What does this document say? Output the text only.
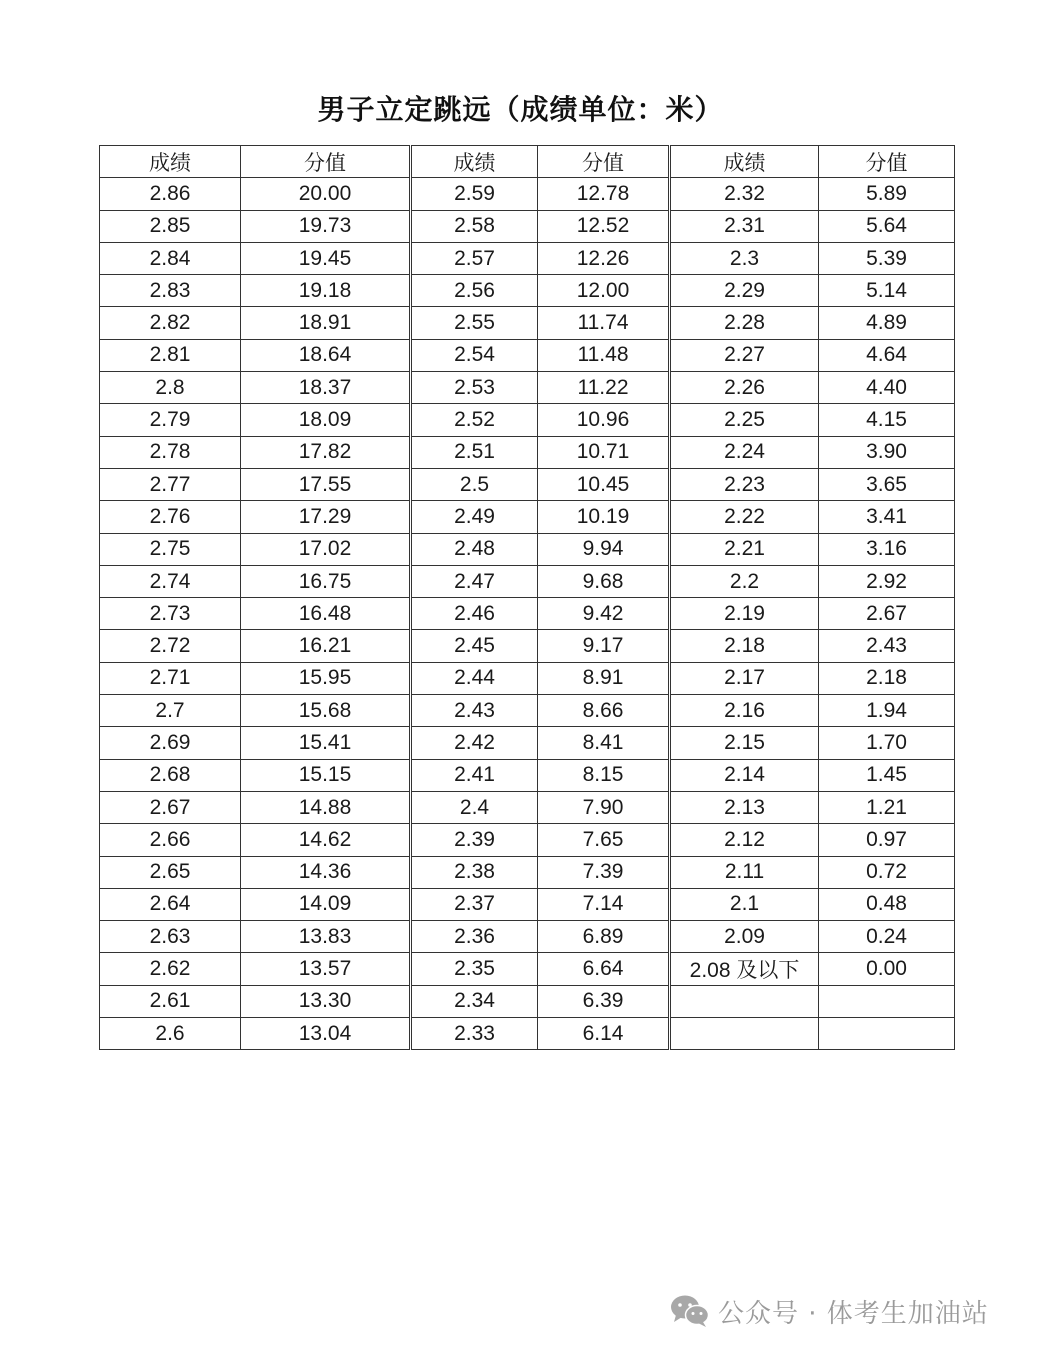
男子立定跳远（成绩单位：米）
成绩	分值	成绩	分值	成绩	分值
2.86	20.00	2.59	12.78	2.32	5.89
2.85	19.73	2.58	12.52	2.31	5.64
2.84	19.45	2.57	12.26	2.3	5.39
2.83	19.18	2.56	12.00	2.29	5.14
2.82	18.91	2.55	11.74	2.28	4.89
2.81	18.64	2.54	11.48	2.27	4.64
2.8	18.37	2.53	11.22	2.26	4.40
2.79	18.09	2.52	10.96	2.25	4.15
2.78	17.82	2.51	10.71	2.24	3.90
2.77	17.55	2.5	10.45	2.23	3.65
2.76	17.29	2.49	10.19	2.22	3.41
2.75	17.02	2.48	9.94	2.21	3.16
2.74	16.75	2.47	9.68	2.2	2.92
2.73	16.48	2.46	9.42	2.19	2.67
2.72	16.21	2.45	9.17	2.18	2.43
2.71	15.95	2.44	8.91	2.17	2.18
2.7	15.68	2.43	8.66	2.16	1.94
2.69	15.41	2.42	8.41	2.15	1.70
2.68	15.15	2.41	8.15	2.14	1.45
2.67	14.88	2.4	7.90	2.13	1.21
2.66	14.62	2.39	7.65	2.12	0.97
2.65	14.36	2.38	7.39	2.11	0.72
2.64	14.09	2.37	7.14	2.1	0.48
2.63	13.83	2.36	6.89	2.09	0.24
2.62	13.57	2.35	6.64	2.08 及以下	0.00
2.61	13.30	2.34	6.39		
2.6	13.04	2.33	6.14		
公众号 · 体考生加油站
